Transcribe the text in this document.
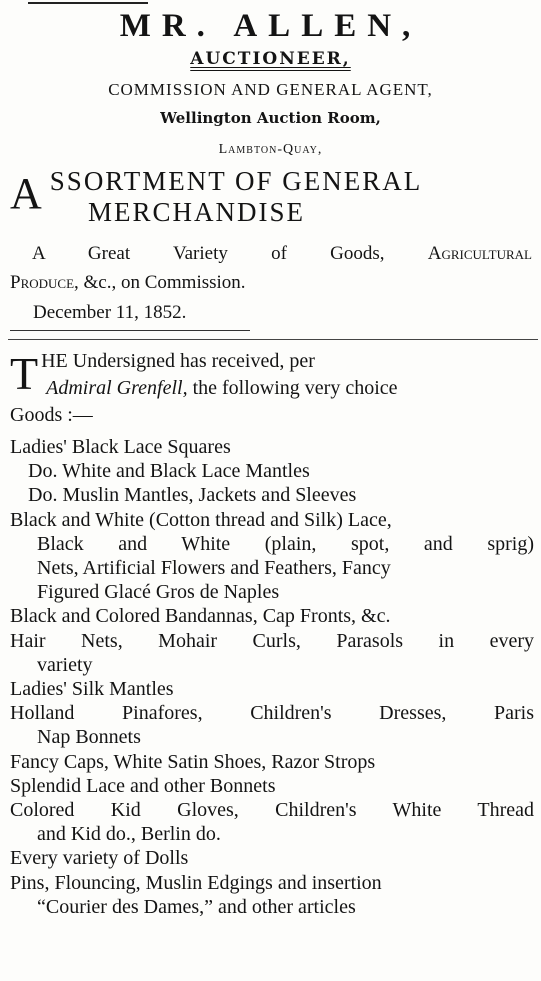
MR. ALLEN,
AUCTIONEER,
COMMISSION AND GENERAL AGENT,
Wellington Auction Room,
Lambton-Quay,
A SSORTMENT OF GENERAL
MERCHANDISE
A Great Variety of Goods, Agricultural
Produce, &c., on Commission.
December 11, 1852.
T HE Undersigned has received, per
Admiral Grenfell, the following very choice
Goods :—
Ladies' Black Lace Squares
Do. White and Black Lace Mantles
Do. Muslin Mantles, Jackets and Sleeves
Black and White (Cotton thread and Silk) Lace,
Black and White (plain, spot, and sprig)
Nets, Artificial Flowers and Feathers, Fancy
Figured Glacé Gros de Naples
Black and Colored Bandannas, Cap Fronts, &c.
Hair Nets, Mohair Curls, Parasols in every
variety
Ladies' Silk Mantles
Holland Pinafores, Children's Dresses, Paris
Nap Bonnets
Fancy Caps, White Satin Shoes, Razor Strops
Splendid Lace and other Bonnets
Colored Kid Gloves, Children's White Thread
and Kid do., Berlin do.
Every variety of Dolls
Pins, Flouncing, Muslin Edgings and insertion
“Courier des Dames,” and other articles
